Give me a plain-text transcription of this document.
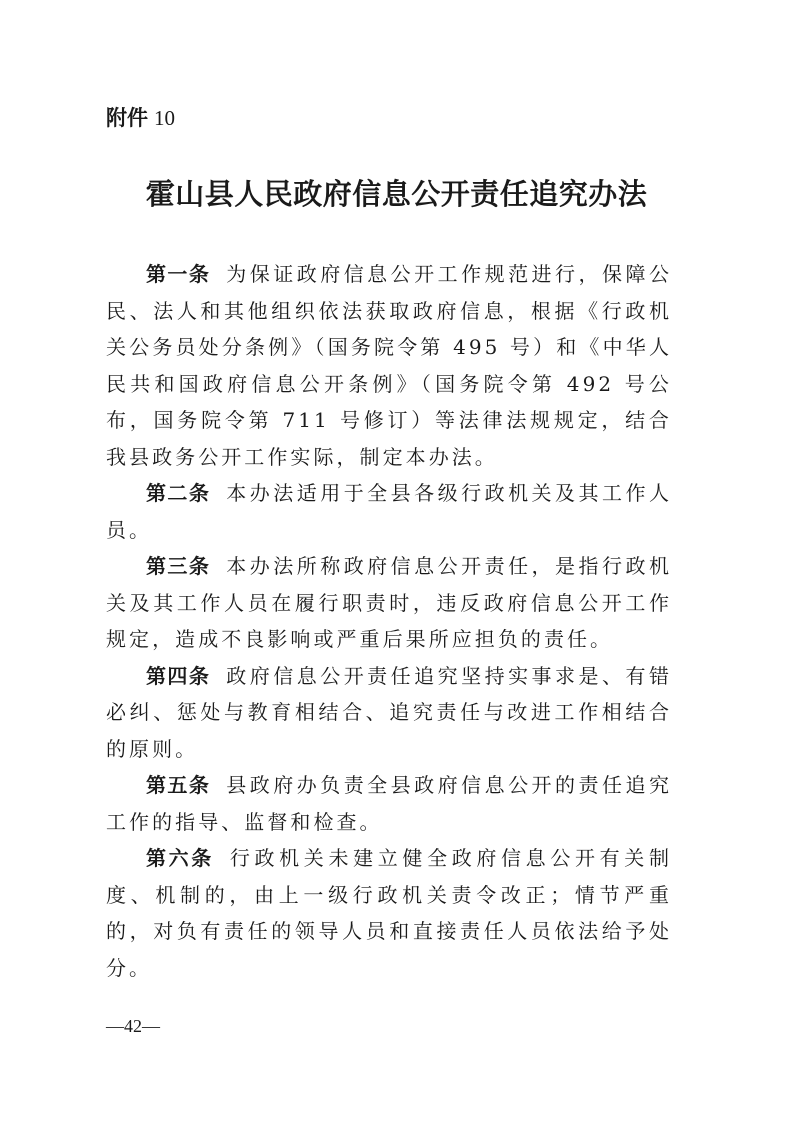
附件 10
霍山县人民政府信息公开责任追究办法

第一条 为保证政府信息公开工作规范进行，保障公民、法人和其他组织依法获取政府信息，根据《行政机关公务员处分条例》（国务院令第 495 号）和《中华人民共和国政府信息公开条例》（国务院令第 492 号公布，国务院令第 711 号修订）等法律法规规定，结合我县政务公开工作实际，制定本办法。

第二条 本办法适用于全县各级行政机关及其工作人员。

第三条 本办法所称政府信息公开责任，是指行政机关及其工作人员在履行职责时，违反政府信息公开工作规定，造成不良影响或严重后果所应担负的责任。

第四条 政府信息公开责任追究坚持实事求是、有错必纠、惩处与教育相结合、追究责任与改进工作相结合的原则。

第五条 县政府办负责全县政府信息公开的责任追究工作的指导、监督和检查。

第六条 行政机关未建立健全政府信息公开有关制度、机制的，由上一级行政机关责令改正；情节严重的，对负有责任的领导人员和直接责任人员依法给予处分。

—42—
